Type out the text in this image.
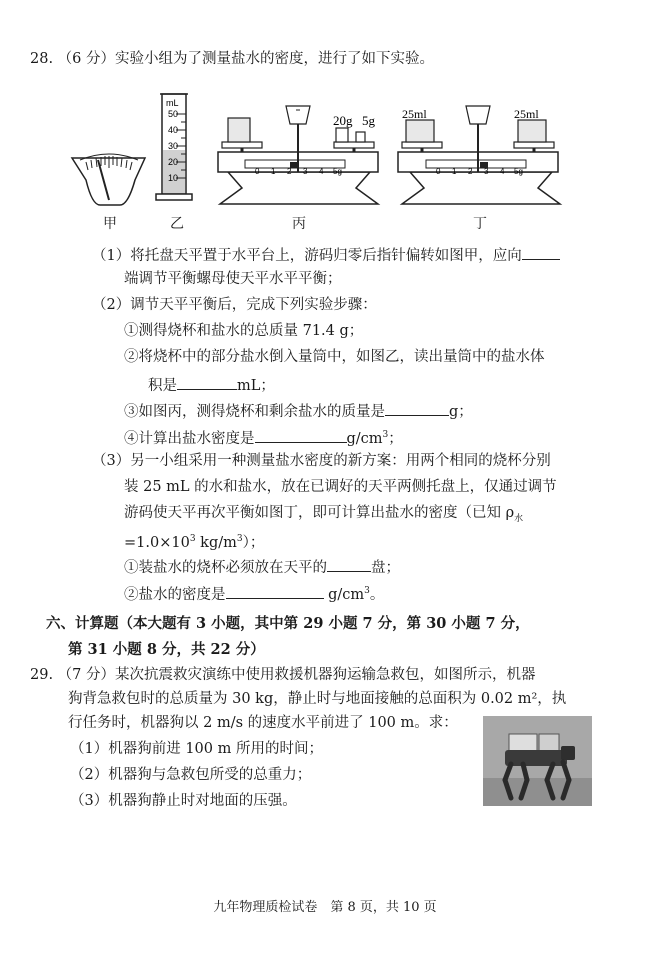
28. （6 分）实验小组为了测量盐水的密度，进行了如下实验。
mL
50
40
30
20
10
20g 5g
0 1 2 3 4 5g
25ml	25ml
0 1 2 3 4 5g
甲	乙	丙	丁
（1）将托盘天平置于水平台上，游码归零后指针偏转如图甲，应向
端调节平衡螺母使天平水平平衡；
（2）调节天平平衡后，完成下列实验步骤：
①测得烧杯和盐水的总质量 71.4 g；
②将烧杯中的部分盐水倒入量筒中，如图乙，读出量筒中的盐水体
积是	mL；
③如图丙，测得烧杯和剩余盐水的质量是	g；
④计算出盐水密度是	$g/cm^3$；
（3）另一小组采用一种测量盐水密度的新方案：用两个相同的烧杯分别
装 25 mL 的水和盐水，放在已调好的天平两侧托盘上，仅通过调节
游码使天平再次平衡如图丁，即可计算出盐水的密度（已知 $\rho_水$
$=1.0\times 10^3$ $kg/m^3$）；
①装盐水的烧杯必须放在天平的	盘；
②盐水的密度是	$g/cm^3$。
六、计算题（本大题有 3 小题，其中第 29 小题 7 分，第 30 小题 7 分，
第 31 小题 8 分，共 22 分）
29. （7 分）某次抗震救灾演练中使用救援机器狗运输急救包，如图所示，机器
狗背急救包时的总质量为 30 kg，静止时与地面接触的总面积为 0.02 m²，执
行任务时，机器狗以 2 m/s 的速度水平前进了 100 m。求：
（1）机器狗前进 100 m 所用的时间；
（2）机器狗与急救包所受的总重力；
（3）机器狗静止时对地面的压强。
九年物理质检试卷　第 8 页，共 10 页
